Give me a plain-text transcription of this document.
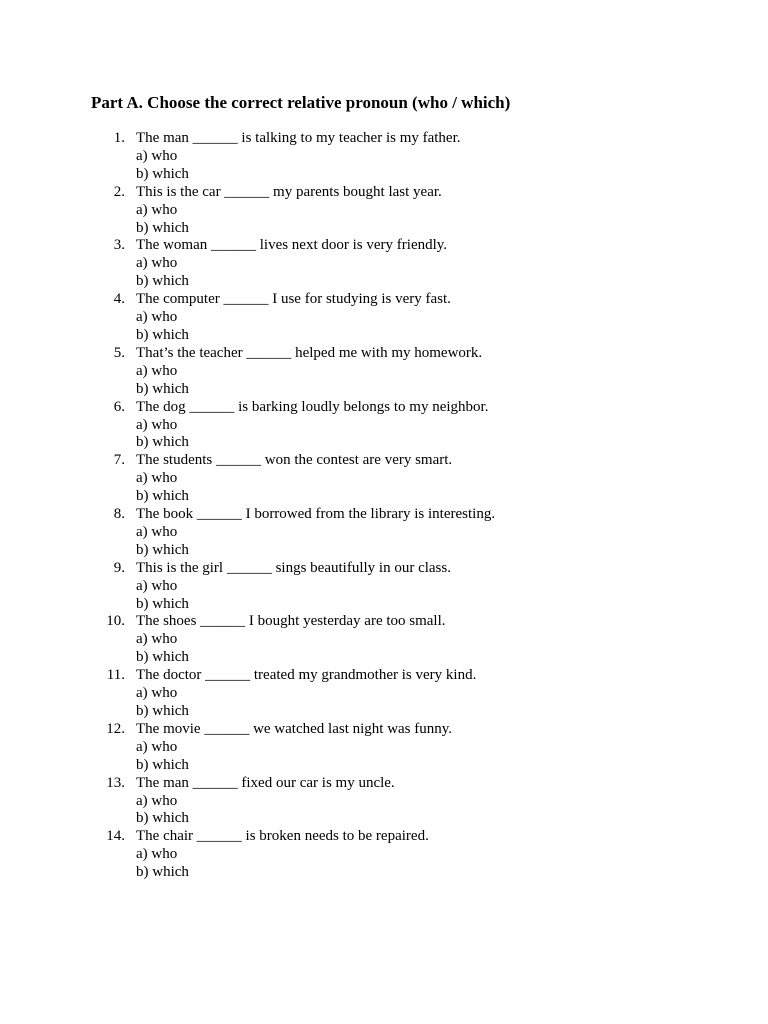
Part A. Choose the correct relative pronoun (who / which)
1. The man ______ is talking to my teacher is my father.
a) who
b) which
2. This is the car ______ my parents bought last year.
a) who
b) which
3. The woman ______ lives next door is very friendly.
a) who
b) which
4. The computer ______ I use for studying is very fast.
a) who
b) which
5. That’s the teacher ______ helped me with my homework.
a) who
b) which
6. The dog ______ is barking loudly belongs to my neighbor.
a) who
b) which
7. The students ______ won the contest are very smart.
a) who
b) which
8. The book ______ I borrowed from the library is interesting.
a) who
b) which
9. This is the girl ______ sings beautifully in our class.
a) who
b) which
10. The shoes ______ I bought yesterday are too small.
a) who
b) which
11. The doctor ______ treated my grandmother is very kind.
a) who
b) which
12. The movie ______ we watched last night was funny.
a) who
b) which
13. The man ______ fixed our car is my uncle.
a) who
b) which
14. The chair ______ is broken needs to be repaired.
a) who
b) which
